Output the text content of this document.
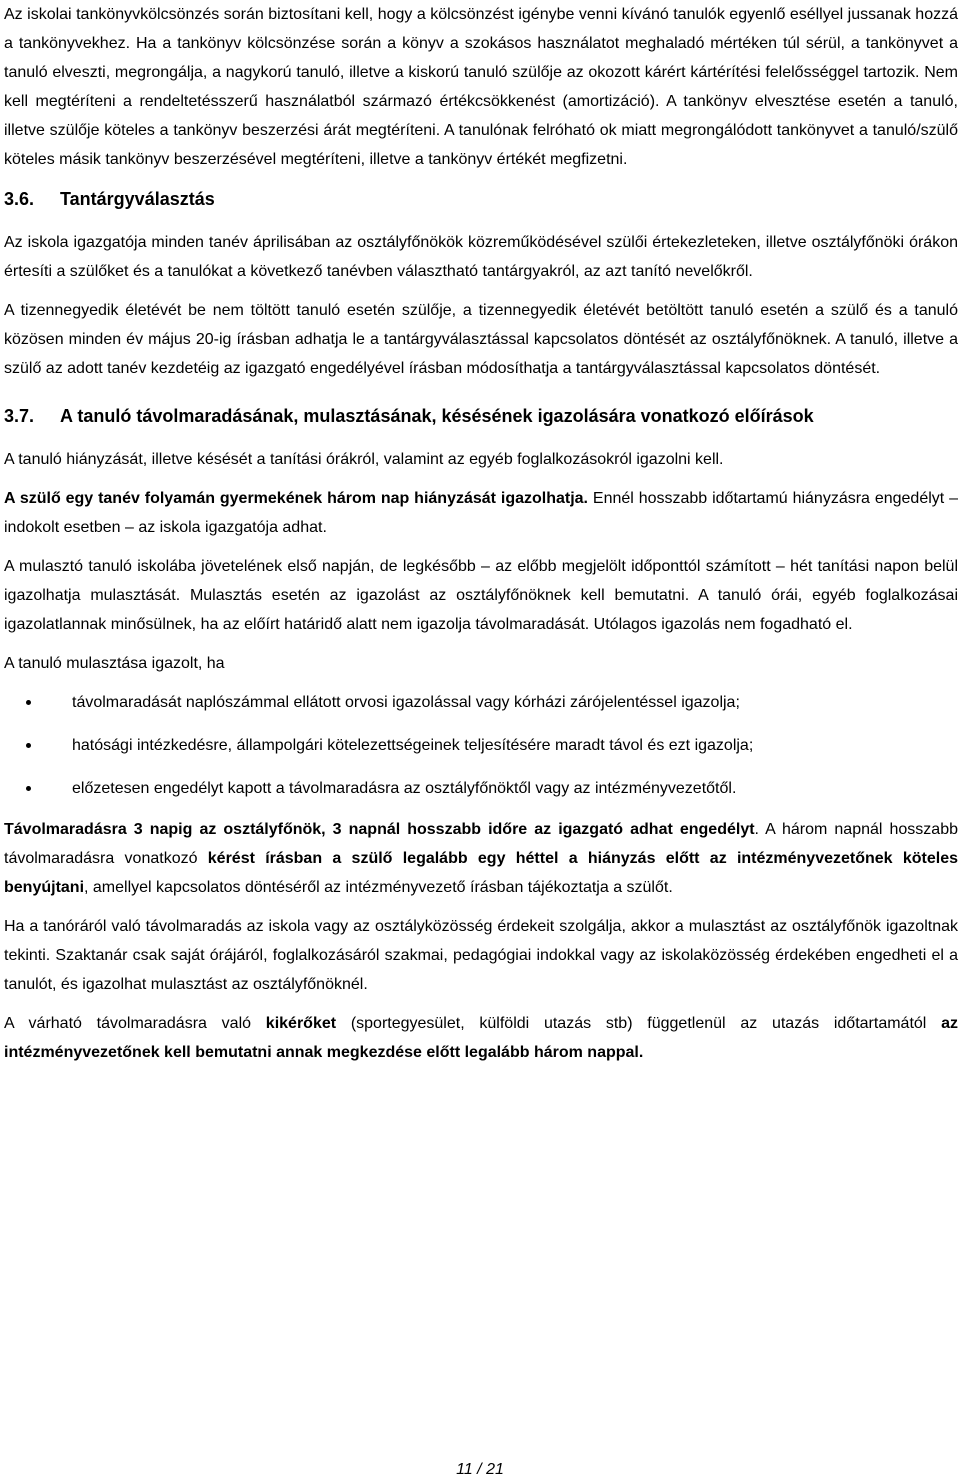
Az iskolai tankönyvkölcsönzés során biztosítani kell, hogy a kölcsönzést igénybe venni kívánó tanulók egyenlő eséllyel jussanak hozzá a tankönyvekhez. Ha a tankönyv kölcsönzése során a könyv a szokásos használatot meghaladó mértéken túl sérül, a tankönyvet a tanuló elveszti, megrongálja, a nagykorú tanuló, illetve a kiskorú tanuló szülője az okozott kárért kártérítési felelősséggel tartozik. Nem kell megtéríteni a rendeltetésszerű használatból származó értékcsökkenést (amortizáció). A tankönyv elvesztése esetén a tanuló, illetve szülője köteles a tankönyv beszerzési árát megtéríteni. A tanulónak felróható ok miatt megrongálódott tankönyvet a tanuló/szülő köteles másik tankönyv beszerzésével megtéríteni, illetve a tankönyv értékét megfizetni.

3.6.	Tantárgyválasztás

Az iskola igazgatója minden tanév áprilisában az osztályfőnökök közreműködésével szülői értekezleteken, illetve osztályfőnöki órákon értesíti a szülőket és a tanulókat a következő tanévben választható tantárgyakról, az azt tanító nevelőkről.

A tizennegyedik életévét be nem töltött tanuló esetén szülője, a tizennegyedik életévét betöltött tanuló esetén a szülő és a tanuló közösen minden év május 20-ig írásban adhatja le a tantárgyválasztással kapcsolatos döntését az osztályfőnöknek. A tanuló, illetve a szülő az adott tanév kezdetéig az igazgató engedélyével írásban módosíthatja a tantárgyválasztással kapcsolatos döntését.

3.7.	A tanuló távolmaradásának, mulasztásának, késésének igazolására vonatkozó előírások

A tanuló hiányzását, illetve késését a tanítási órákról, valamint az egyéb foglalkozásokról igazolni kell.

A szülő egy tanév folyamán gyermekének három nap hiányzását igazolhatja. Ennél hosszabb időtartamú hiányzásra engedélyt – indokolt esetben – az iskola igazgatója adhat.

A mulasztó tanuló iskolába jövetelének első napján, de legkésőbb – az előbb megjelölt időponttól számított – hét tanítási napon belül igazolhatja mulasztását. Mulasztás esetén az igazolást az osztályfőnöknek kell bemutatni. A tanuló órái, egyéb foglalkozásai igazolatlannak minősülnek, ha az előírt határidő alatt nem igazolja távolmaradását. Utólagos igazolás nem fogadható el.

A tanuló mulasztása igazolt, ha

távolmaradását naplószámmal ellátott orvosi igazolással vagy kórházi zárójelentéssel igazolja;
hatósági intézkedésre, állampolgári kötelezettségeinek teljesítésére maradt távol és ezt igazolja;
előzetesen engedélyt kapott a távolmaradásra az osztályfőnöktől vagy az intézményvezetőtől.

Távolmaradásra 3 napig az osztályfőnök, 3 napnál hosszabb időre az igazgató adhat engedélyt. A három napnál hosszabb távolmaradásra vonatkozó kérést írásban a szülő legalább egy héttel a hiányzás előtt az intézményvezetőnek köteles benyújtani, amellyel kapcsolatos döntéséről az intézményvezető írásban tájékoztatja a szülőt.

Ha a tanóráról való távolmaradás az iskola vagy az osztályközösség érdekeit szolgálja, akkor a mulasztást az osztályfőnök igazoltnak tekinti. Szaktanár csak saját órájáról, foglalkozásáról szakmai, pedagógiai indokkal vagy az iskolaközösség érdekében engedheti el a tanulót, és igazolhat mulasztást az osztályfőnöknél.

A várható távolmaradásra való kikérőket (sportegyesület, külföldi utazás stb) függetlenül az utazás időtartamától az intézményvezetőnek kell bemutatni annak megkezdése előtt legalább három nappal.

11 / 21
